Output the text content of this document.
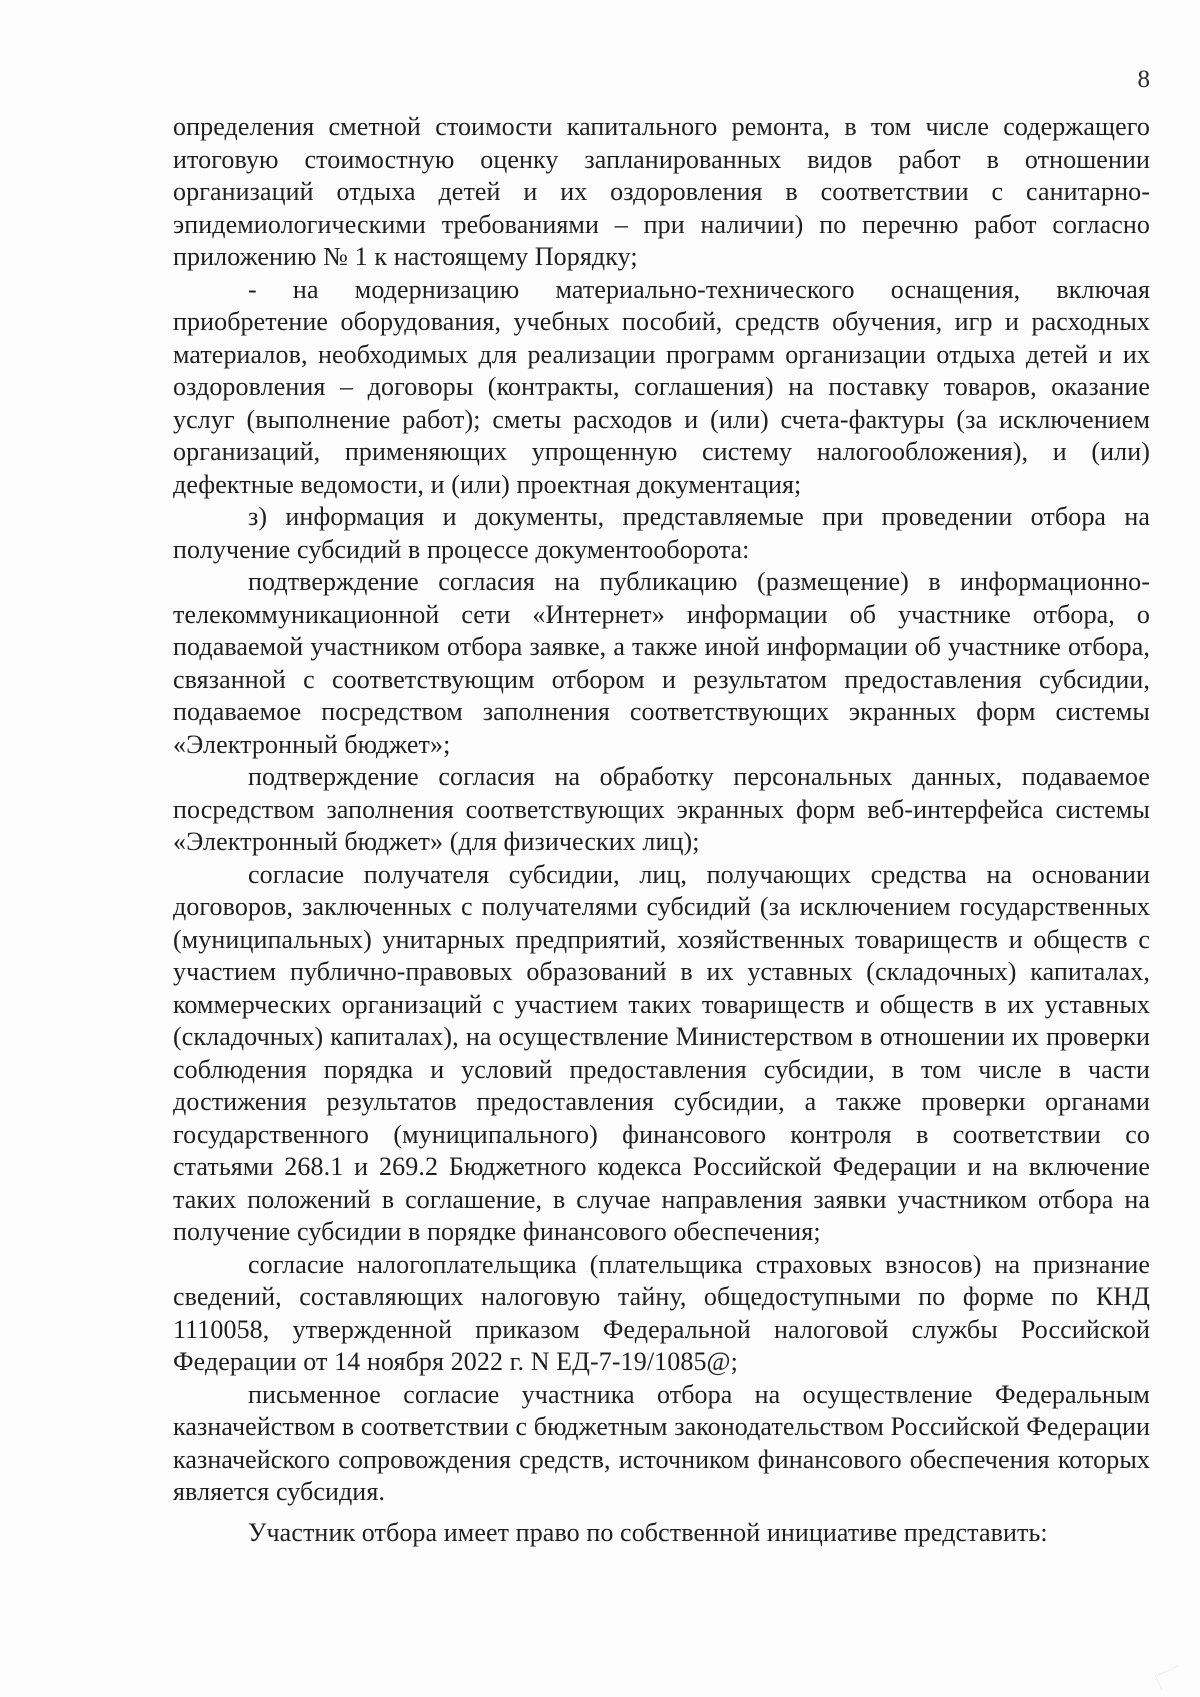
8

определения сметной стоимости капитального ремонта, в том числе содержащего итоговую стоимостную оценку запланированных видов работ в отношении организаций отдыха детей и их оздоровления в соответствии с санитарно-эпидемиологическими требованиями – при наличии) по перечню работ согласно приложению № 1 к настоящему Порядку;

- на модернизацию материально-технического оснащения, включая приобретение оборудования, учебных пособий, средств обучения, игр и расходных материалов, необходимых для реализации программ организации отдыха детей и их оздоровления – договоры (контракты, соглашения) на поставку товаров, оказание услуг (выполнение работ); сметы расходов и (или) счета-фактуры (за исключением организаций, применяющих упрощенную систему налогообложения), и (или) дефектные ведомости, и (или) проектная документация;

з) информация и документы, представляемые при проведении отбора на получение субсидий в процессе документооборота:

подтверждение согласия на публикацию (размещение) в информационно-телекоммуникационной сети «Интернет» информации об участнике отбора, о подаваемой участником отбора заявке, а также иной информации об участнике отбора, связанной с соответствующим отбором и результатом предоставления субсидии, подаваемое посредством заполнения соответствующих экранных форм системы «Электронный бюджет»;

подтверждение согласия на обработку персональных данных, подаваемое посредством заполнения соответствующих экранных форм веб-интерфейса системы «Электронный бюджет» (для физических лиц);

согласие получателя субсидии, лиц, получающих средства на основании договоров, заключенных с получателями субсидий (за исключением государственных (муниципальных) унитарных предприятий, хозяйственных товариществ и обществ с участием публично-правовых образований в их уставных (складочных) капиталах, коммерческих организаций с участием таких товариществ и обществ в их уставных (складочных) капиталах), на осуществление Министерством в отношении их проверки соблюдения порядка и условий предоставления субсидии, в том числе в части достижения результатов предоставления субсидии, а также проверки органами государственного (муниципального) финансового контроля в соответствии со статьями 268.1 и 269.2 Бюджетного кодекса Российской Федерации и на включение таких положений в соглашение, в случае направления заявки участником отбора на получение субсидии в порядке финансового обеспечения;

согласие налогоплательщика (плательщика страховых взносов) на признание сведений, составляющих налоговую тайну, общедоступными по форме по КНД 1110058, утвержденной приказом Федеральной налоговой службы Российской Федерации от 14 ноября 2022 г. N ЕД-7-19/1085@;

письменное согласие участника отбора на осуществление Федеральным казначейством в соответствии с бюджетным законодательством Российской Федерации казначейского сопровождения средств, источником финансового обеспечения которых является субсидия.

Участник отбора имеет право по собственной инициативе представить:
